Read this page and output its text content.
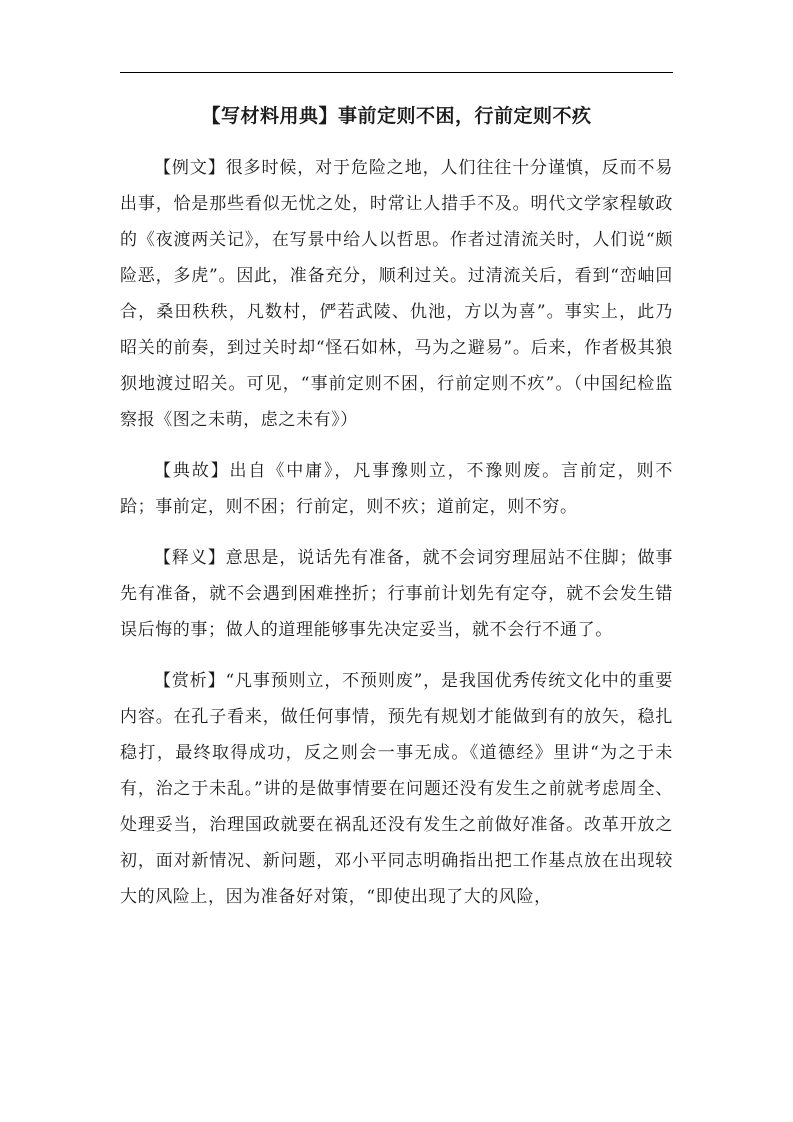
【写材料用典】事前定则不困，行前定则不疚

【例文】很多时候，对于危险之地，人们往往十分谨慎，反而不易出事，恰是那些看似无忧之处，时常让人措手不及。明代文学家程敏政的《夜渡两关记》，在写景中给人以哲思。作者过清流关时，人们说“颇险恶，多虎”。因此，准备充分，顺利过关。过清流关后，看到“峦岫回合，桑田秩秩，凡数村，俨若武陵、仇池，方以为喜”。事实上，此乃昭关的前奏，到过关时却“怪石如林，马为之避易”。后来，作者极其狼狈地渡过昭关。可见，“事前定则不困，行前定则不疚”。（中国纪检监察报《图之未萌，虑之未有》）

【典故】出自《中庸》，凡事豫则立，不豫则废。言前定，则不跲；事前定，则不困；行前定，则不疚；道前定，则不穷。

【释义】意思是，说话先有准备，就不会词穷理屈站不住脚；做事先有准备，就不会遇到困难挫折；行事前计划先有定夺，就不会发生错误后悔的事；做人的道理能够事先决定妥当，就不会行不通了。

【赏析】“凡事预则立，不预则废”，是我国优秀传统文化中的重要内容。在孔子看来，做任何事情，预先有规划才能做到有的放矢，稳扎稳打，最终取得成功，反之则会一事无成。《道德经》里讲“为之于未有，治之于未乱。”讲的是做事情要在问题还没有发生之前就考虑周全、处理妥当，治理国政就要在祸乱还没有发生之前做好准备。改革开放之初，面对新情况、新问题，邓小平同志明确指出把工作基点放在出现较大的风险上，因为准备好对策，“即使出现了大的风险，
